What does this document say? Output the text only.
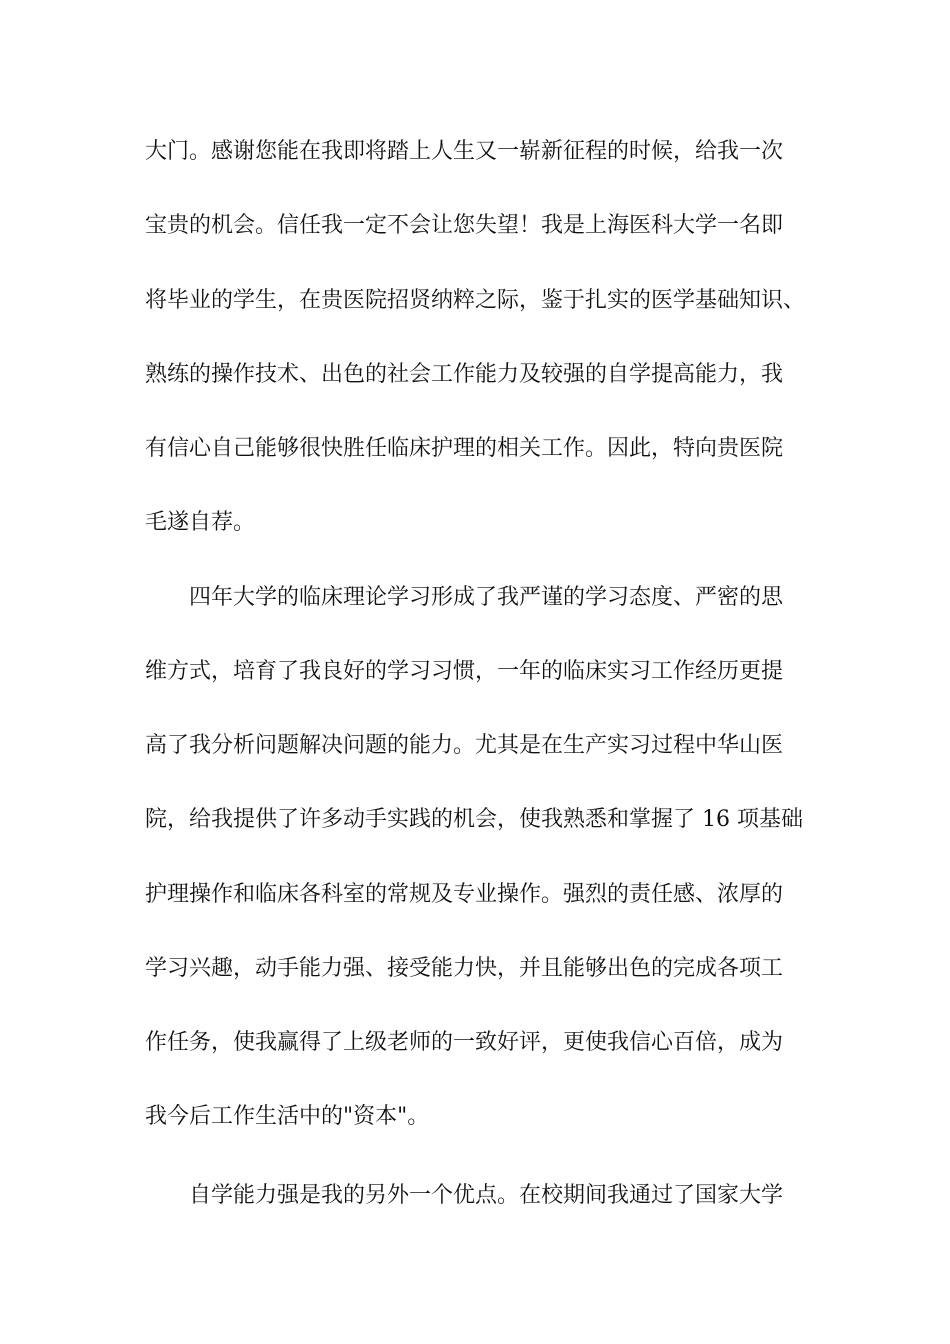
大门。感谢您能在我即将踏上人生又一崭新征程的时候，给我一次
宝贵的机会。信任我一定不会让您失望！我是上海医科大学一名即
将毕业的学生，在贵医院招贤纳粹之际，鉴于扎实的医学基础知识、
熟练的操作技术、出色的社会工作能力及较强的自学提高能力，我
有信心自己能够很快胜任临床护理的相关工作。因此，特向贵医院
毛遂自荐。
四年大学的临床理论学习形成了我严谨的学习态度、严密的思
维方式，培育了我良好的学习习惯，一年的临床实习工作经历更提
高了我分析问题解决问题的能力。尤其是在生产实习过程中华山医
院，给我提供了许多动手实践的机会，使我熟悉和掌握了 16 项基础
护理操作和临床各科室的常规及专业操作。强烈的责任感、浓厚的
学习兴趣，动手能力强、接受能力快，并且能够出色的完成各项工
作任务，使我赢得了上级老师的一致好评，更使我信心百倍，成为
我今后工作生活中的"资本"。
自学能力强是我的另外一个优点。在校期间我通过了国家大学
